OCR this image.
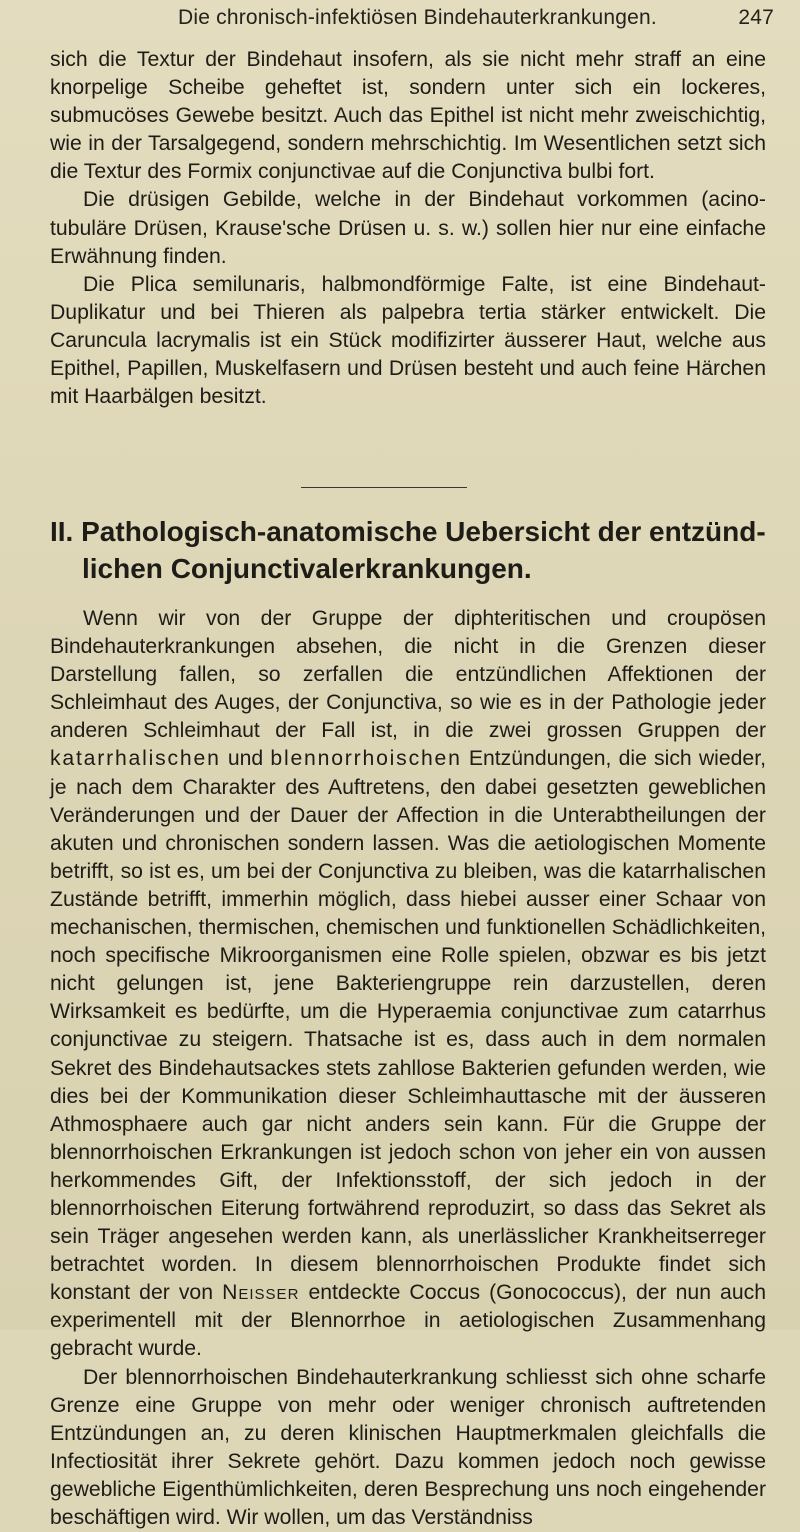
Die chronisch-infektiösen Bindehauterkrankungen.	247

sich die Textur der Bindehaut insofern, als sie nicht mehr straff an eine knorpelige Scheibe geheftet ist, sondern unter sich ein lockeres, submucöses Gewebe besitzt. Auch das Epithel ist nicht mehr zweischichtig, wie in der Tarsalgegend, sondern mehrschichtig. Im Wesentlichen setzt sich die Textur des Formix conjunctivae auf die Conjunctiva bulbi fort.

Die drüsigen Gebilde, welche in der Bindehaut vorkommen (acino-tubuläre Drüsen, Krause'sche Drüsen u. s. w.) sollen hier nur eine einfache Erwähnung finden.

Die Plica semilunaris, halbmondförmige Falte, ist eine Bindehaut-Duplikatur und bei Thieren als palpebra tertia stärker entwickelt. Die Caruncula lacrymalis ist ein Stück modifizirter äusserer Haut, welche aus Epithel, Papillen, Muskelfasern und Drüsen besteht und auch feine Härchen mit Haarbälgen besitzt.

II. Pathologisch-anatomische Uebersicht der entzünd-
lichen Conjunctivalerkrankungen.

Wenn wir von der Gruppe der diphteritischen und croupösen Bindehauterkrankungen absehen, die nicht in die Grenzen dieser Darstellung fallen, so zerfallen die entzündlichen Affektionen der Schleimhaut des Auges, der Conjunctiva, so wie es in der Pathologie jeder anderen Schleimhaut der Fall ist, in die zwei grossen Gruppen der katarrhalischen und blennorrhoischen Entzündungen, die sich wieder, je nach dem Charakter des Auftretens, den dabei gesetzten geweblichen Veränderungen und der Dauer der Affection in die Unterabtheilungen der akuten und chronischen sondern lassen. Was die aetiologischen Momente betrifft, so ist es, um bei der Conjunctiva zu bleiben, was die katarrhalischen Zustände betrifft, immerhin möglich, dass hiebei ausser einer Schaar von mechanischen, thermischen, chemischen und funktionellen Schädlichkeiten, noch specifische Mikroorganismen eine Rolle spielen, obzwar es bis jetzt nicht gelungen ist, jene Bakteriengruppe rein darzustellen, deren Wirksamkeit es bedürfte, um die Hyperaemia conjunctivae zum catarrhus conjunctivae zu steigern. Thatsache ist es, dass auch in dem normalen Sekret des Bindehautsackes stets zahllose Bakterien gefunden werden, wie dies bei der Kommunikation dieser Schleimhauttasche mit der äusseren Athmosphaere auch gar nicht anders sein kann. Für die Gruppe der blennorrhoischen Erkrankungen ist jedoch schon von jeher ein von aussen herkommendes Gift, der Infektionsstoff, der sich jedoch in der blennorrhoischen Eiterung fortwährend reproduzirt, so dass das Sekret als sein Träger angesehen werden kann, als unerlässlicher Krankheitserreger betrachtet worden. In diesem blennorrhoischen Produkte findet sich konstant der von Neisser entdeckte Coccus (Gonococcus), der nun auch experimentell mit der Blennorrhoe in aetiologischen Zusammenhang gebracht wurde.

Der blennorrhoischen Bindehauterkrankung schliesst sich ohne scharfe Grenze eine Gruppe von mehr oder weniger chronisch auftretenden Entzündungen an, zu deren klinischen Hauptmerkmalen gleichfalls die Infectiosität ihrer Sekrete gehört. Dazu kommen jedoch noch gewisse gewebliche Eigenthümlichkeiten, deren Besprechung uns noch eingehender beschäftigen wird. Wir wollen, um das Verständniss
